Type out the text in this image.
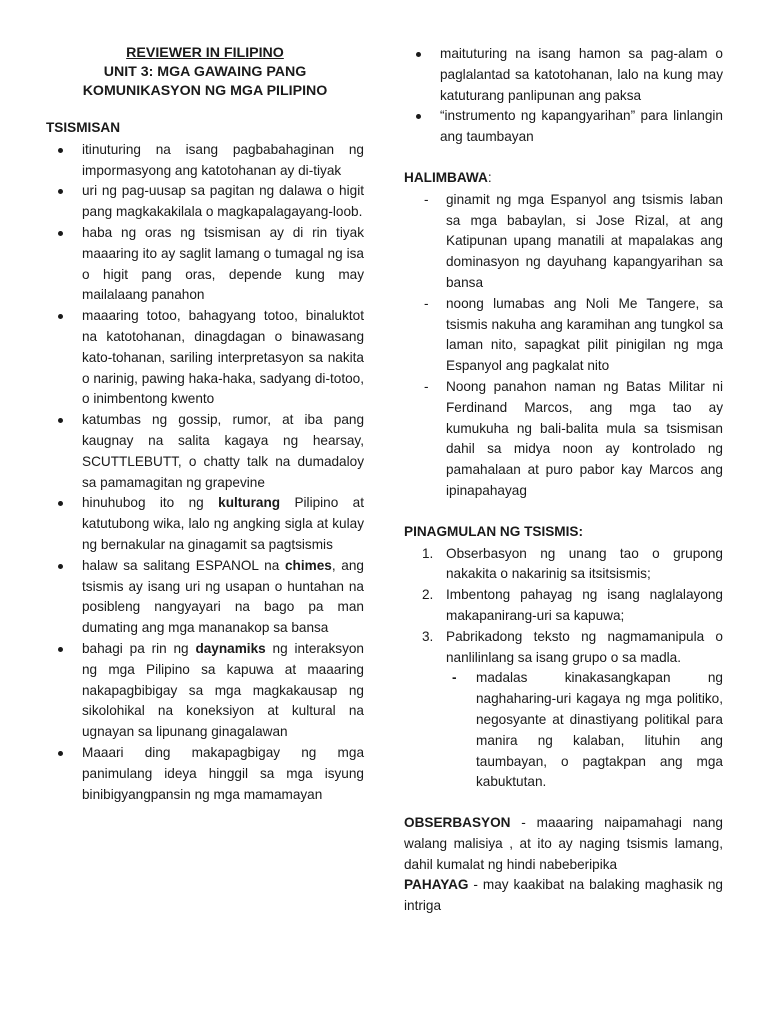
REVIEWER IN FILIPINO
UNIT 3: MGA GAWAING PANG
KOMUNIKASYON NG MGA PILIPINO
TSISMISAN
itinuturing na isang pagbabahaginan ng impormasyong ang katotohanan ay di-tiyak
uri ng pag-uusap sa pagitan ng dalawa o higit pang magkakakilala o magkapalagayang-loob.
haba ng oras ng tsismisan ay di rin tiyak maaaring ito ay saglit lamang o tumagal ng isa o higit pang oras, depende kung may mailalaang panahon
maaaring totoo, bahagyang totoo, binaluktot na katotohanan, dinagdagan o binawasang kato-tohanan, sariling interpretasyon sa nakita o narinig, pawing haka-haka, sadyang di-totoo, o inimbentong kwento
katumbas ng gossip, rumor, at iba pang kaugnay na salita kagaya ng hearsay, SCUTTLEBUTT, o chatty talk na dumadaloy sa pamamagitan ng grapevine
hinuhubog ito ng kulturang Pilipino at katutubong wika, lalo ng angking sigla at kulay ng bernakular na ginagamit sa pagtsismis
halaw sa salitang ESPANOL na chimes, ang tsismis ay isang uri ng usapan o huntahan na posibleng nangyayari na bago pa man dumating ang mga mananakop sa bansa
bahagi pa rin ng daynamiks ng interaksyon ng mga Pilipino sa kapuwa at maaaring nakapagbibigay sa mga magkakausap ng sikolohikal na koneksiyon at kultural na ugnayan sa lipunang ginagalawan
Maaari ding makapagbigay ng mga panimulang ideya hinggil sa mga isyung binibigyangpansin ng mga mamamayan
maituturing na isang hamon sa pag-alam o paglalantad sa katotohanan, lalo na kung may katuturang panlipunan ang paksa
“instrumento ng kapangyarihan” para linlangin ang taumbayan
HALIMBAWA:
- ginamit ng mga Espanyol ang tsismis laban sa mga babaylan, si Jose Rizal, at ang Katipunan upang manatili at mapalakas ang dominasyon ng dayuhang kapangyarihan sa bansa
- noong lumabas ang Noli Me Tangere, sa tsismis nakuha ang karamihan ang tungkol sa laman nito, sapagkat pilit pinigilan ng mga Espanyol ang pagkalat nito
- Noong panahon naman ng Batas Militar ni Ferdinand Marcos, ang mga tao ay kumukuha ng bali-balita mula sa tsismisan dahil sa midya noon ay kontrolado ng pamahalaan at puro pabor kay Marcos ang ipinapahayag
PINAGMULAN NG TSISMIS:
1. Obserbasyon ng unang tao o grupong nakakita o nakarinig sa itsitsismis;
2. Imbentong pahayag ng isang naglalayong makapanirang-uri sa kapuwa;
3. Pabrikadong teksto ng nagmamanipula o nanlilinlang sa isang grupo o sa madla.
- madalas kinakasangkapan ng naghaharing-uri kagaya ng mga politiko, negosyante at dinastiyang politikal para manira ng kalaban, lituhin ang taumbayan, o pagtakpan ang mga kabuktutan.
OBSERBASYON - maaaring naipamahagi nang walang malisiya , at ito ay naging tsismis lamang, dahil kumalat ng hindi nabeberipika
PAHAYAG - may kaakibat na balaking maghasik ng intriga
